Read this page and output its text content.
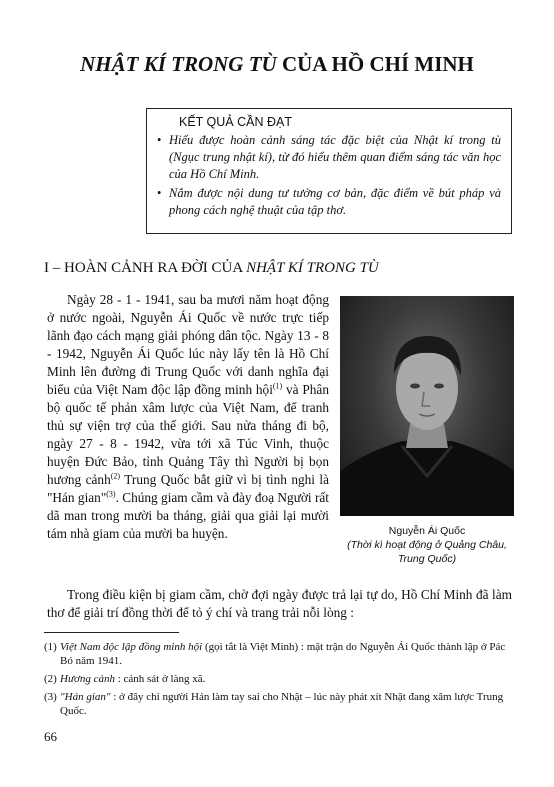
NHẬT KÍ TRONG TÙ CỦA HỒ CHÍ MINH
KẾT QUẢ CẦN ĐẠT
• Hiểu được hoàn cảnh sáng tác đặc biệt của Nhật kí trong tù (Ngục trung nhật kí), từ đó hiểu thêm quan điểm sáng tác văn học của Hồ Chí Minh.
• Nắm được nội dung tư tưởng cơ bản, đặc điểm về bút pháp và phong cách nghệ thuật của tập thơ.
I – HOÀN CẢNH RA ĐỜI CỦA NHẬT KÍ TRONG TÙ

Ngày 28 - 1 - 1941, sau ba mươi năm hoạt động ở nước ngoài, Nguyễn Ái Quốc về nước trực tiếp lãnh đạo cách mạng giải phóng dân tộc. Ngày 13 - 8 - 1942, Nguyễn Ái Quốc lúc này lấy tên là Hồ Chí Minh lên đường đi Trung Quốc với danh nghĩa đại biểu của Việt Nam độc lập đồng minh hội$^{(1)}$ và Phân bộ quốc tế phản xâm lược của Việt Nam, để tranh thủ sự viện trợ của thế giới. Sau nửa tháng đi bộ, ngày 27 - 8 - 1942, vừa tới xã Túc Vinh, thuộc huyện Đức Bảo, tỉnh Quảng Tây thì Người bị bọn hương cảnh$^{(2)}$ Trung Quốc bắt giữ vì bị tình nghi là "Hán gian"$^{(3)}$. Chúng giam cầm và đày đoạ Người rất dã man trong mười ba tháng, giải qua giải lại mười tám nhà giam của mười ba huyện.	Nguyễn Ái Quốc
(Thời kì hoạt động ở Quảng Châu, Trung Quốc)

Trong điều kiện bị giam cầm, chờ đợi ngày được trả lại tự do, Hồ Chí Minh đã làm thơ để giải trí đồng thời để tỏ ý chí và trang trải nỗi lòng :

(1) Việt Nam độc lập đồng minh hội (gọi tắt là Việt Minh) : mặt trận do Nguyễn Ái Quốc thành lập ở Pác Bó năm 1941.
(2) Hương cảnh : cảnh sát ở làng xã.
(3) "Hán gian" : ở đây chỉ người Hán làm tay sai cho Nhật – lúc này phát xít Nhật đang xâm lược Trung Quốc.
66
